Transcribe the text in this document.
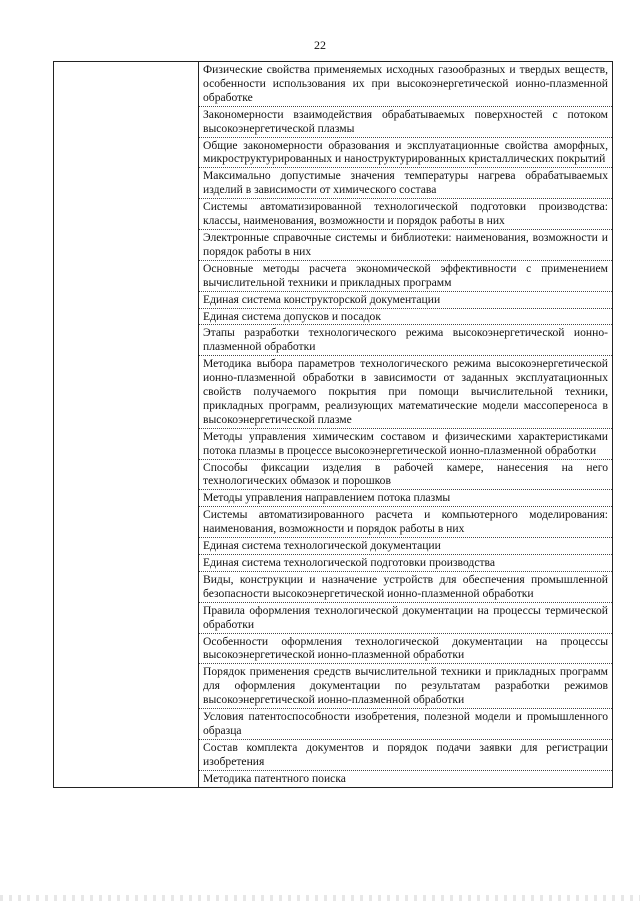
22

Физические свойства применяемых исходных газообразных и твердых веществ, особенности использования их при высокоэнергетической ионно-плазменной обработке
Закономерности взаимодействия обрабатываемых поверхностей с потоком высокоэнергетической плазмы
Общие закономерности образования и эксплуатационные свойства аморфных, микроструктурированных и наноструктурированных кристаллических покрытий
Максимально допустимые значения температуры нагрева обрабатываемых изделий в зависимости от химического состава
Системы автоматизированной технологической подготовки производства: классы, наименования, возможности и порядок работы в них
Электронные справочные системы и библиотеки: наименования, возможности и порядок работы в них
Основные методы расчета экономической эффективности с применением вычислительной техники и прикладных программ
Единая система конструкторской документации
Единая система допусков и посадок
Этапы разработки технологического режима высокоэнергетической ионно-плазменной обработки
Методика выбора параметров технологического режима высокоэнергетической ионно-плазменной обработки в зависимости от заданных эксплуатационных свойств получаемого покрытия при помощи вычислительной техники, прикладных программ, реализующих математические модели массопереноса в высокоэнергетической плазме
Методы управления химическим составом и физическими характеристиками потока плазмы в процессе высокоэнергетической ионно-плазменной обработки
Способы фиксации изделия в рабочей камере, нанесения на него технологических обмазок и порошков
Методы управления направлением потока плазмы
Системы автоматизированного расчета и компьютерного моделирования: наименования, возможности и порядок работы в них
Единая система технологической документации
Единая система технологической подготовки производства
Виды, конструкции и назначение устройств для обеспечения промышленной безопасности высокоэнергетической ионно-плазменной обработки
Правила оформления технологической документации на процессы термической обработки
Особенности оформления технологической документации на процессы высокоэнергетической ионно-плазменной обработки
Порядок применения средств вычислительной техники и прикладных программ для оформления документации по результатам разработки режимов высокоэнергетической ионно-плазменной обработки
Условия патентоспособности изобретения, полезной модели и промышленного образца
Состав комплекта документов и порядок подачи заявки для регистрации изобретения
Методика патентного поиска
